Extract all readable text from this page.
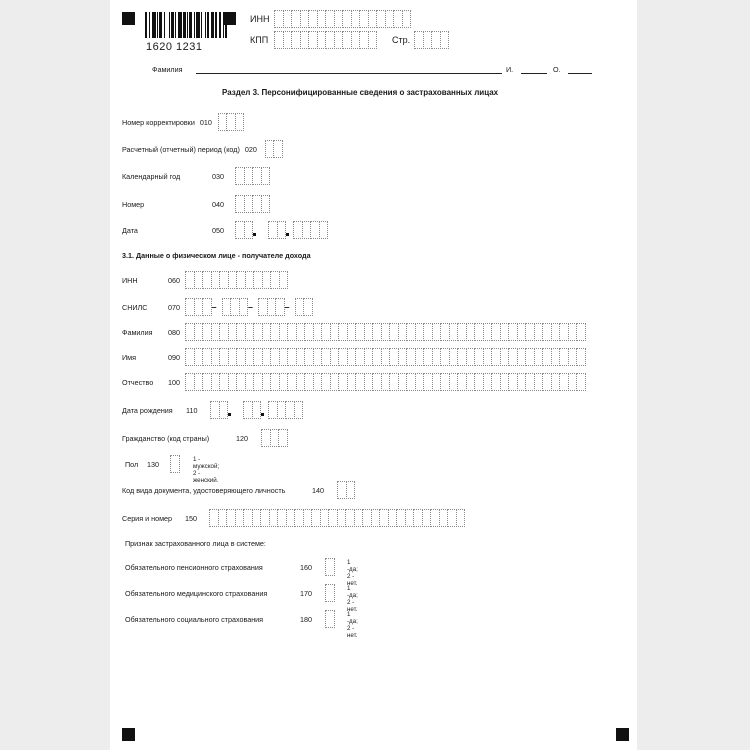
1620 1231
ИНН
КПП	Стр.
Фамилия	И.	О.
Раздел 3. Персонифицированные сведения о застрахованных лицах
Номер корректировки 010
Расчетный (отчетный) период (код) 020
Календарный год	030
Номер	040
Дата	050
3.1. Данные о физическом лице - получателе дохода
ИНН	060
СНИЛС	070	–	–	–
Фамилия 080
Имя	090
Отчество 100
Дата рождения 110
Гражданство (код страны)	120
Пол 130	1 - мужской;
2 - женский.
Код вида документа, удостоверяющего личность	140
Серия и номер 150
Признак застрахованного лица в системе:
Обязательного пенсионного страхования	160	1 -да;
2 - нет.
Обязательного медицинского страхования	170	1 -да;
2 - нет.
Обязательного социального страхования	180	1 -да;
2 - нет.
